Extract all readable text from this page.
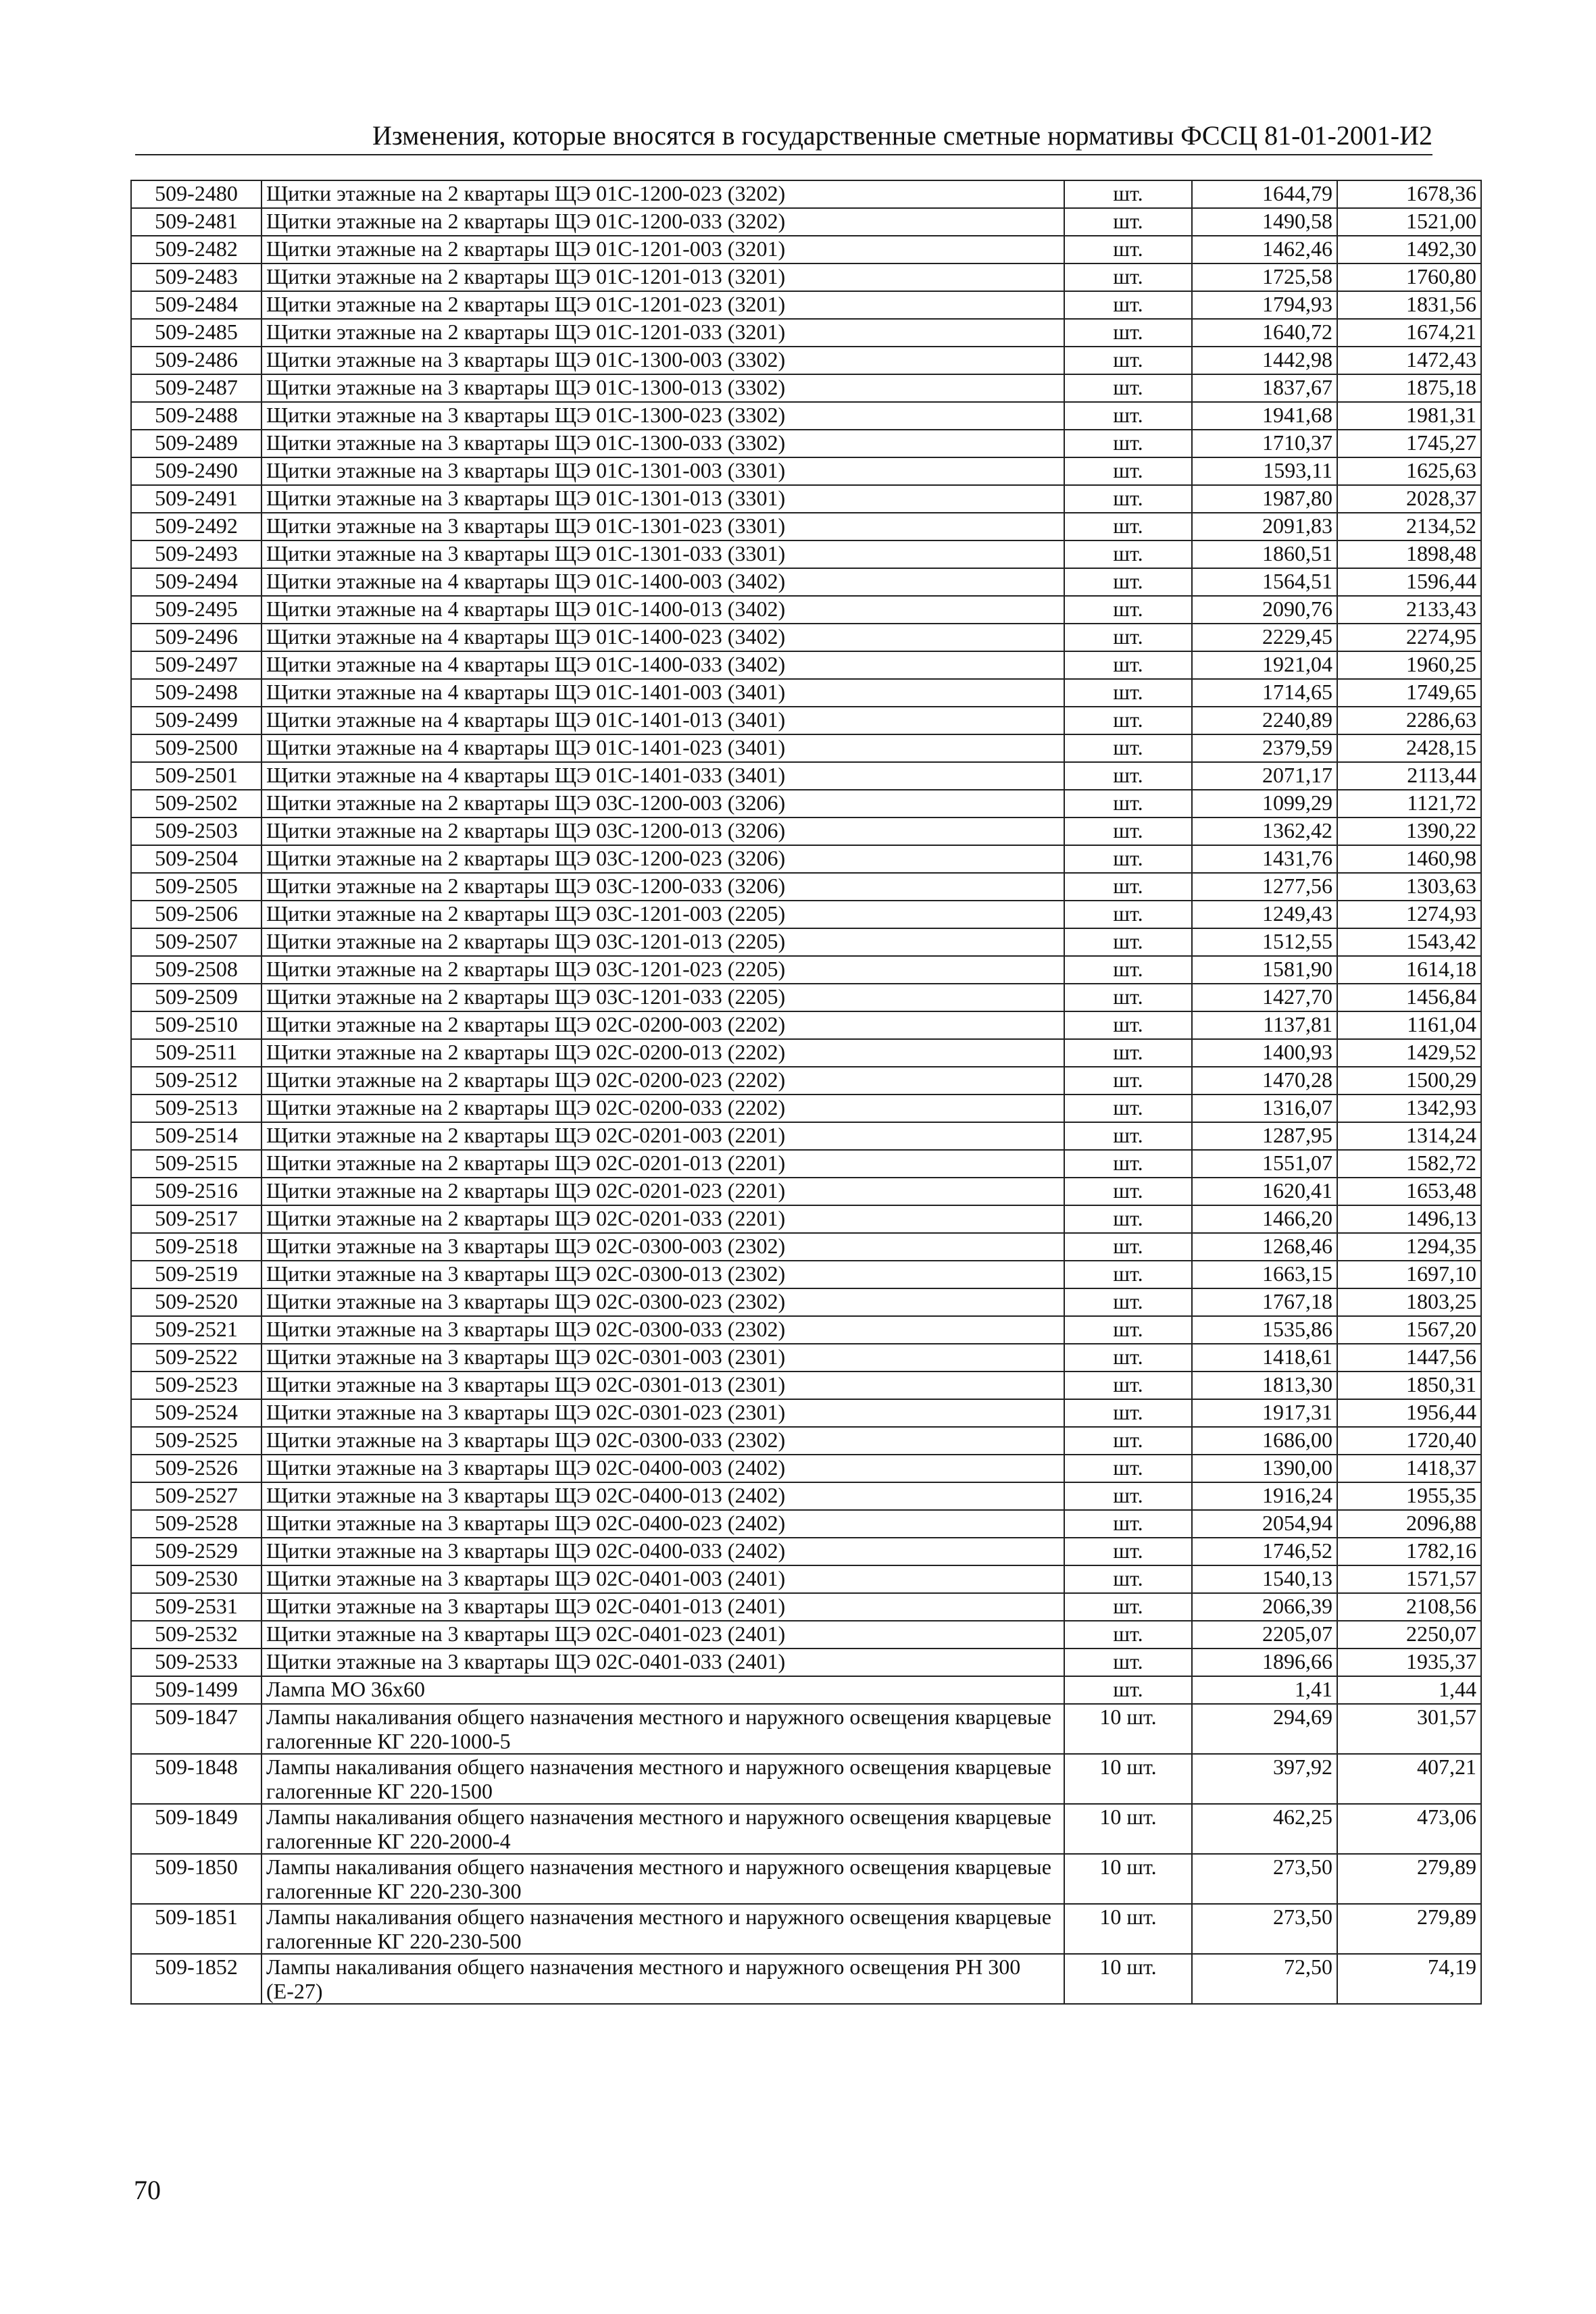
Изменения, которые вносятся в государственные сметные нормативы ФССЦ 81-01-2001-И2
509-2480	Щитки этажные на 2 квартары ЩЭ 01С-1200-023 (3202)	шт.	1644,79	1678,36
509-2481	Щитки этажные на 2 квартары ЩЭ 01С-1200-033 (3202)	шт.	1490,58	1521,00
509-2482	Щитки этажные на 2 квартары ЩЭ 01С-1201-003 (3201)	шт.	1462,46	1492,30
509-2483	Щитки этажные на 2 квартары ЩЭ 01С-1201-013 (3201)	шт.	1725,58	1760,80
509-2484	Щитки этажные на 2 квартары ЩЭ 01С-1201-023 (3201)	шт.	1794,93	1831,56
509-2485	Щитки этажные на 2 квартары ЩЭ 01С-1201-033 (3201)	шт.	1640,72	1674,21
509-2486	Щитки этажные на 3 квартары ЩЭ 01С-1300-003 (3302)	шт.	1442,98	1472,43
509-2487	Щитки этажные на 3 квартары ЩЭ 01С-1300-013 (3302)	шт.	1837,67	1875,18
509-2488	Щитки этажные на 3 квартары ЩЭ 01С-1300-023 (3302)	шт.	1941,68	1981,31
509-2489	Щитки этажные на 3 квартары ЩЭ 01С-1300-033 (3302)	шт.	1710,37	1745,27
509-2490	Щитки этажные на 3 квартары ЩЭ 01С-1301-003 (3301)	шт.	1593,11	1625,63
509-2491	Щитки этажные на 3 квартары ЩЭ 01С-1301-013 (3301)	шт.	1987,80	2028,37
509-2492	Щитки этажные на 3 квартары ЩЭ 01С-1301-023 (3301)	шт.	2091,83	2134,52
509-2493	Щитки этажные на 3 квартары ЩЭ 01С-1301-033 (3301)	шт.	1860,51	1898,48
509-2494	Щитки этажные на 4 квартары ЩЭ 01С-1400-003 (3402)	шт.	1564,51	1596,44
509-2495	Щитки этажные на 4 квартары ЩЭ 01С-1400-013 (3402)	шт.	2090,76	2133,43
509-2496	Щитки этажные на 4 квартары ЩЭ 01С-1400-023 (3402)	шт.	2229,45	2274,95
509-2497	Щитки этажные на 4 квартары ЩЭ 01С-1400-033 (3402)	шт.	1921,04	1960,25
509-2498	Щитки этажные на 4 квартары ЩЭ 01С-1401-003 (3401)	шт.	1714,65	1749,65
509-2499	Щитки этажные на 4 квартары ЩЭ 01С-1401-013 (3401)	шт.	2240,89	2286,63
509-2500	Щитки этажные на 4 квартары ЩЭ 01С-1401-023 (3401)	шт.	2379,59	2428,15
509-2501	Щитки этажные на 4 квартары ЩЭ 01С-1401-033 (3401)	шт.	2071,17	2113,44
509-2502	Щитки этажные на 2 квартары ЩЭ 03С-1200-003 (3206)	шт.	1099,29	1121,72
509-2503	Щитки этажные на 2 квартары ЩЭ 03С-1200-013 (3206)	шт.	1362,42	1390,22
509-2504	Щитки этажные на 2 квартары ЩЭ 03С-1200-023 (3206)	шт.	1431,76	1460,98
509-2505	Щитки этажные на 2 квартары ЩЭ 03С-1200-033 (3206)	шт.	1277,56	1303,63
509-2506	Щитки этажные на 2 квартары ЩЭ 03С-1201-003 (2205)	шт.	1249,43	1274,93
509-2507	Щитки этажные на 2 квартары ЩЭ 03С-1201-013 (2205)	шт.	1512,55	1543,42
509-2508	Щитки этажные на 2 квартары ЩЭ 03С-1201-023 (2205)	шт.	1581,90	1614,18
509-2509	Щитки этажные на 2 квартары ЩЭ 03С-1201-033 (2205)	шт.	1427,70	1456,84
509-2510	Щитки этажные на 2 квартары ЩЭ 02С-0200-003 (2202)	шт.	1137,81	1161,04
509-2511	Щитки этажные на 2 квартары ЩЭ 02С-0200-013 (2202)	шт.	1400,93	1429,52
509-2512	Щитки этажные на 2 квартары ЩЭ 02С-0200-023 (2202)	шт.	1470,28	1500,29
509-2513	Щитки этажные на 2 квартары ЩЭ 02С-0200-033 (2202)	шт.	1316,07	1342,93
509-2514	Щитки этажные на 2 квартары ЩЭ 02С-0201-003 (2201)	шт.	1287,95	1314,24
509-2515	Щитки этажные на 2 квартары ЩЭ 02С-0201-013 (2201)	шт.	1551,07	1582,72
509-2516	Щитки этажные на 2 квартары ЩЭ 02С-0201-023 (2201)	шт.	1620,41	1653,48
509-2517	Щитки этажные на 2 квартары ЩЭ 02С-0201-033 (2201)	шт.	1466,20	1496,13
509-2518	Щитки этажные на 3 квартары ЩЭ 02С-0300-003 (2302)	шт.	1268,46	1294,35
509-2519	Щитки этажные на 3 квартары ЩЭ 02С-0300-013 (2302)	шт.	1663,15	1697,10
509-2520	Щитки этажные на 3 квартары ЩЭ 02С-0300-023 (2302)	шт.	1767,18	1803,25
509-2521	Щитки этажные на 3 квартары ЩЭ 02С-0300-033 (2302)	шт.	1535,86	1567,20
509-2522	Щитки этажные на 3 квартары ЩЭ 02С-0301-003 (2301)	шт.	1418,61	1447,56
509-2523	Щитки этажные на 3 квартары ЩЭ 02С-0301-013 (2301)	шт.	1813,30	1850,31
509-2524	Щитки этажные на 3 квартары ЩЭ 02С-0301-023 (2301)	шт.	1917,31	1956,44
509-2525	Щитки этажные на 3 квартары ЩЭ 02С-0300-033 (2302)	шт.	1686,00	1720,40
509-2526	Щитки этажные на 3 квартары ЩЭ 02С-0400-003 (2402)	шт.	1390,00	1418,37
509-2527	Щитки этажные на 3 квартары ЩЭ 02С-0400-013 (2402)	шт.	1916,24	1955,35
509-2528	Щитки этажные на 3 квартары ЩЭ 02С-0400-023 (2402)	шт.	2054,94	2096,88
509-2529	Щитки этажные на 3 квартары ЩЭ 02С-0400-033 (2402)	шт.	1746,52	1782,16
509-2530	Щитки этажные на 3 квартары ЩЭ 02С-0401-003 (2401)	шт.	1540,13	1571,57
509-2531	Щитки этажные на 3 квартары ЩЭ 02С-0401-013 (2401)	шт.	2066,39	2108,56
509-2532	Щитки этажные на 3 квартары ЩЭ 02С-0401-023 (2401)	шт.	2205,07	2250,07
509-2533	Щитки этажные на 3 квартары ЩЭ 02С-0401-033 (2401)	шт.	1896,66	1935,37
509-1499	Лампа МО 36х60	шт.	1,41	1,44
509-1847	Лампы накаливания общего назначения местного и наружного освещения кварцевые галогенные КГ 220-1000-5	10 шт.	294,69	301,57
509-1848	Лампы накаливания общего назначения местного и наружного освещения кварцевые галогенные КГ 220-1500	10 шт.	397,92	407,21
509-1849	Лампы накаливания общего назначения местного и наружного освещения кварцевые галогенные КГ 220-2000-4	10 шт.	462,25	473,06
509-1850	Лампы накаливания общего назначения местного и наружного освещения кварцевые галогенные КГ 220-230-300	10 шт.	273,50	279,89
509-1851	Лампы накаливания общего назначения местного и наружного освещения кварцевые галогенные КГ 220-230-500	10 шт.	273,50	279,89
509-1852	Лампы накаливания общего назначения местного и наружного освещения РН 300 (Е-27)	10 шт.	72,50	74,19
70
